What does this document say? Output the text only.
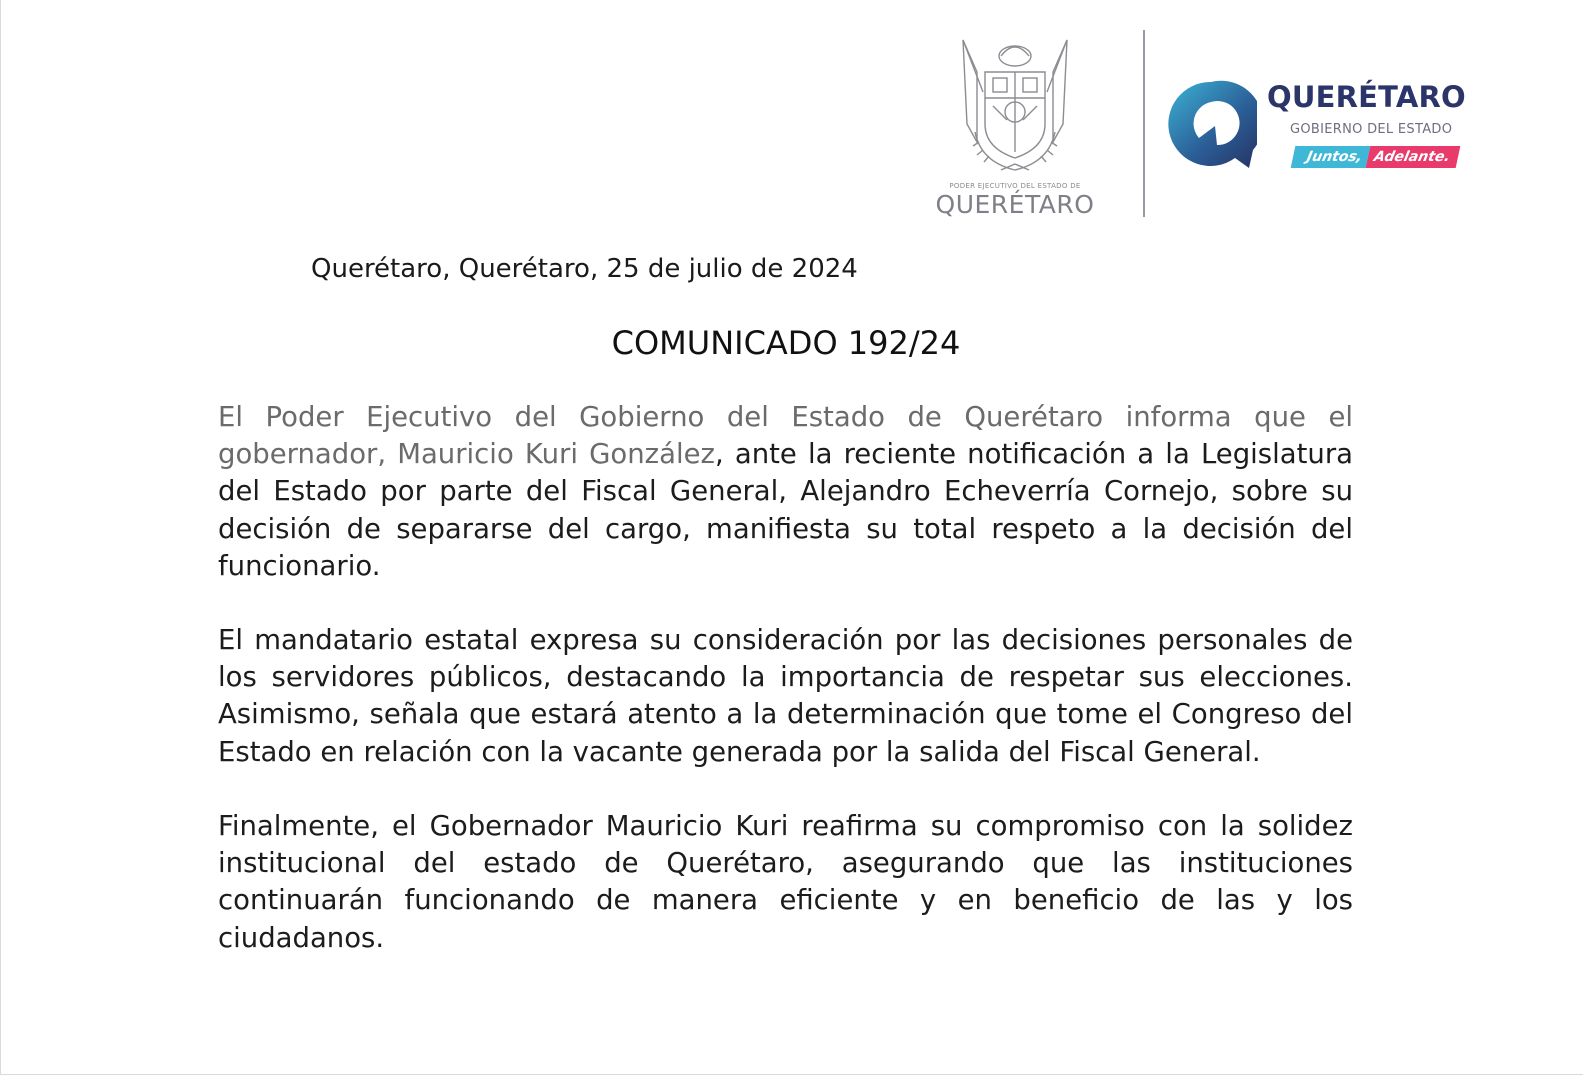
PODER EJECUTIVO DEL ESTADO DE
QUERÉTARO
QUERÉTARO
GOBIERNO DEL ESTADO
Juntos, Adelante.
Querétaro, Querétaro, 25 de julio de 2024
COMUNICADO 192/24

El Poder Ejecutivo del Gobierno del Estado de Querétaro informa que el gobernador, Mauricio Kuri González, ante la reciente notificación a la Legislatura del Estado por parte del Fiscal General, Alejandro Echeverría Cornejo, sobre su decisión de separarse del cargo, manifiesta su total respeto a la decisión del funcionario.

El mandatario estatal expresa su consideración por las decisiones personales de los servidores públicos, destacando la importancia de respetar sus elecciones. Asimismo, señala que estará atento a la determinación que tome el Congreso del Estado en relación con la vacante generada por la salida del Fiscal General.

Finalmente, el Gobernador Mauricio Kuri reafirma su compromiso con la solidez institucional del estado de Querétaro, asegurando que las instituciones continuarán funcionando de manera eficiente y en beneficio de las y los ciudadanos.
